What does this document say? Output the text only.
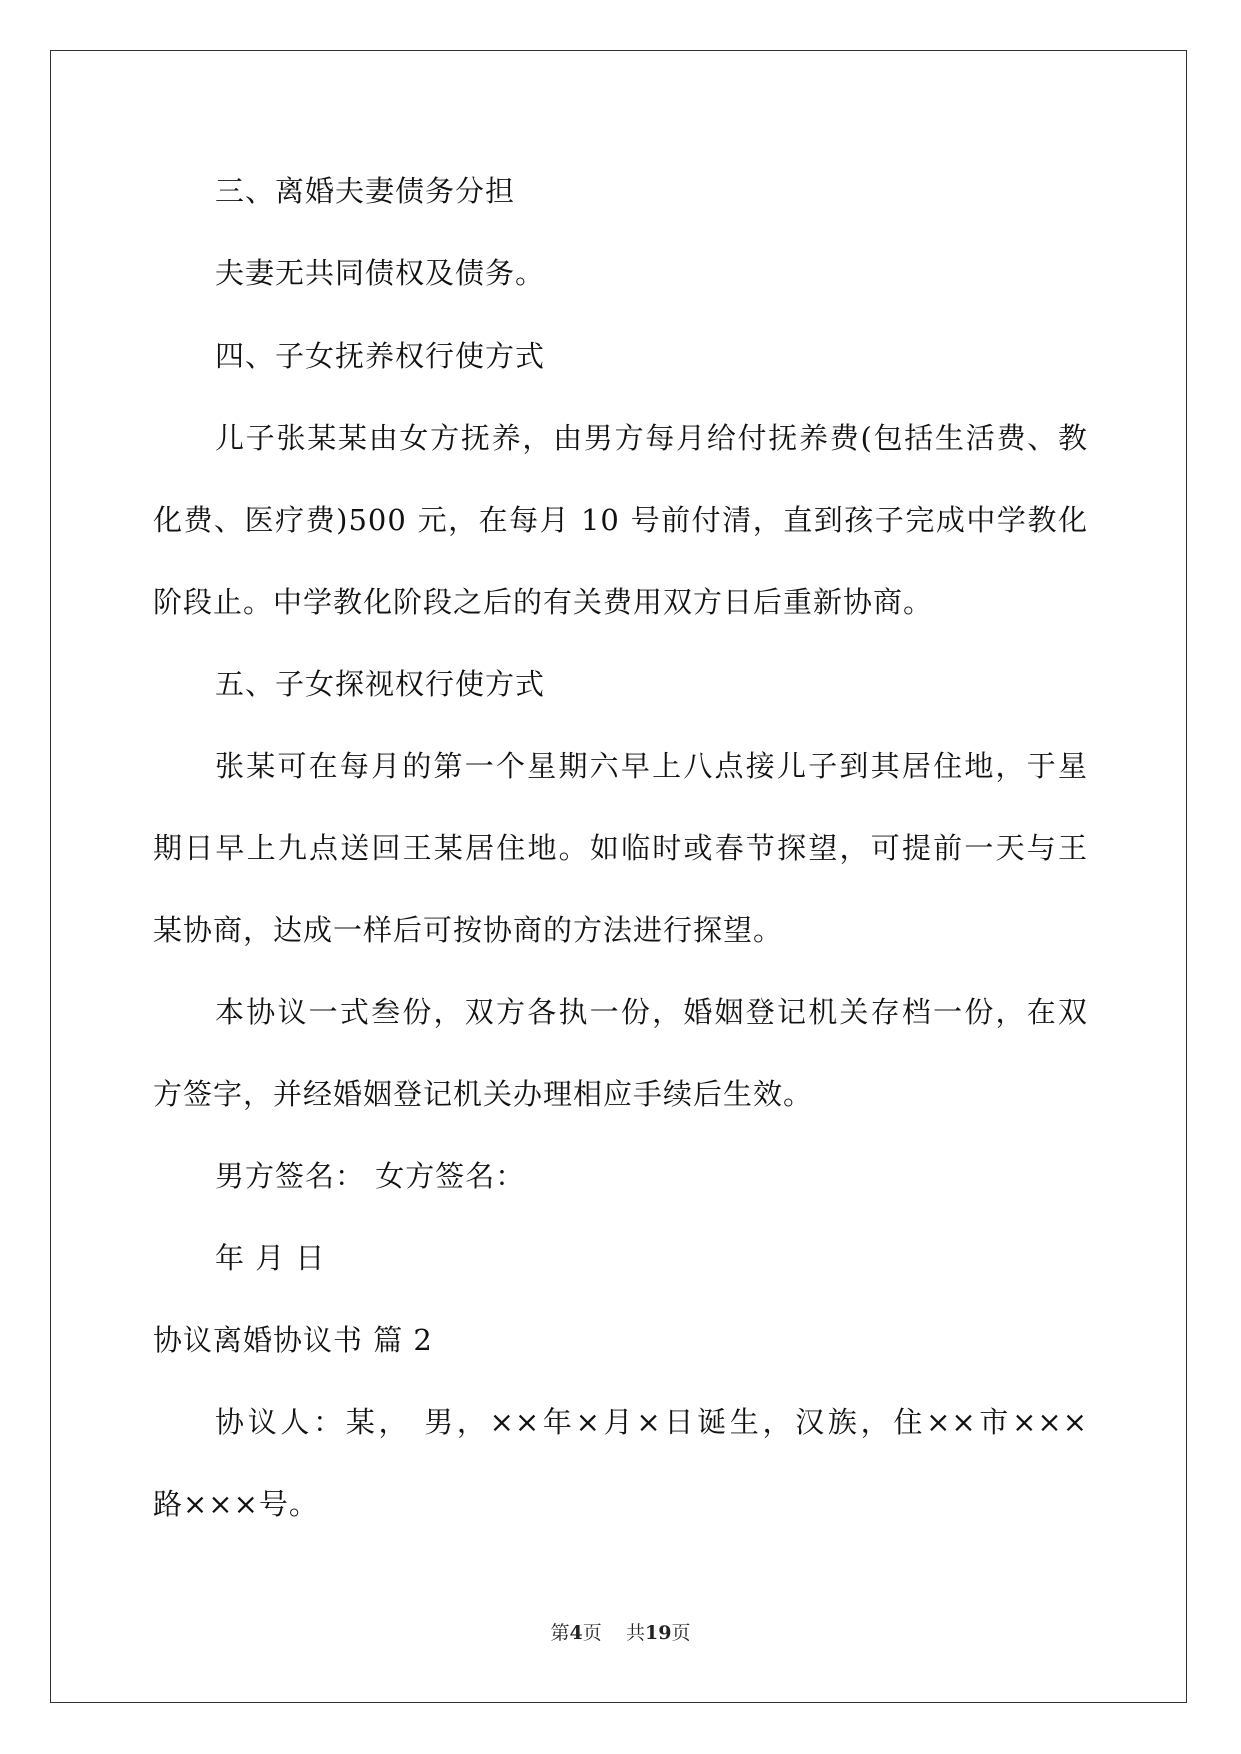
三、离婚夫妻债务分担
夫妻无共同债权及债务。
四、子女抚养权行使方式
儿子张某某由女方抚养，由男方每月给付抚养费(包括生活费、教
化费、医疗费)500 元，在每月 10 号前付清，直到孩子完成中学教化
阶段止。中学教化阶段之后的有关费用双方日后重新协商。
五、子女探视权行使方式
张某可在每月的第一个星期六早上八点接儿子到其居住地，于星
期日早上九点送回王某居住地。如临时或春节探望，可提前一天与王
某协商，达成一样后可按协商的方法进行探望。
本协议一式叁份，双方各执一份，婚姻登记机关存档一份，在双
方签字，并经婚姻登记机关办理相应手续后生效。
男方签名： 女方签名：
年 月 日
协议离婚协议书 篇 2
协议人：某， 男，××年×月×日诞生，汉族，住××市×××
路×××号。
第4页 共19页
